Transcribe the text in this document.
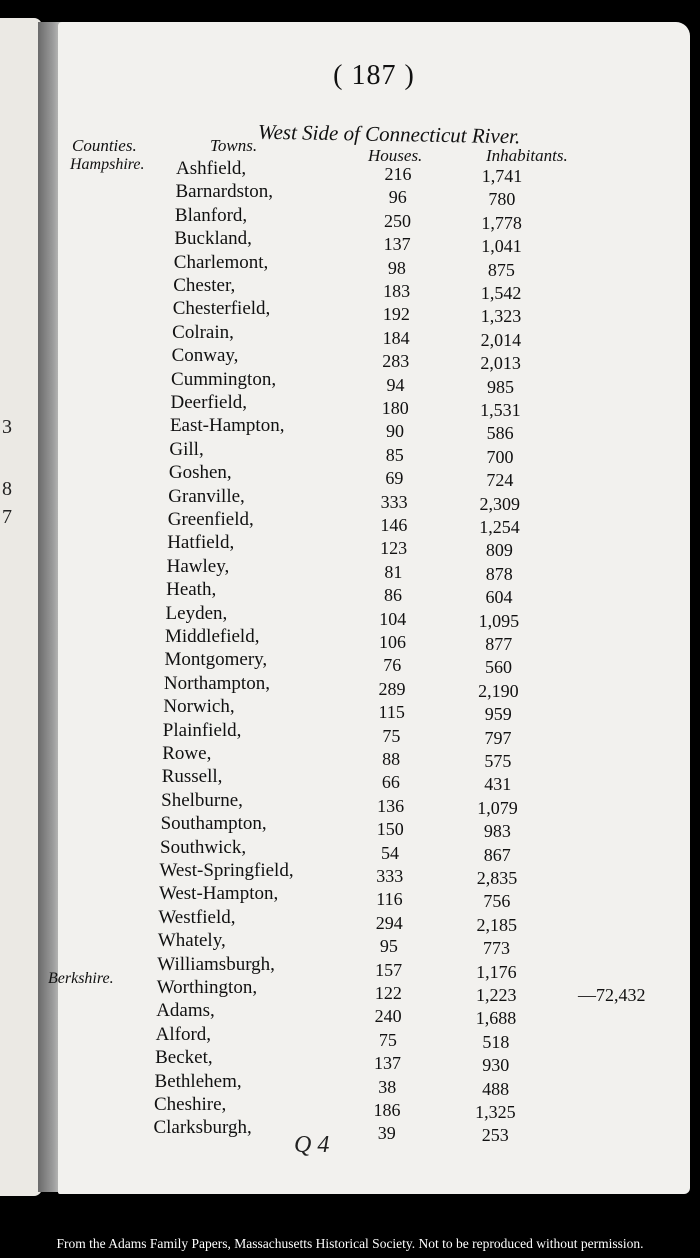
3
8
7
( 187 )
West Side of Connecticut River.
Counties.	Towns.
Houses.	Inhabitants.
Hampshire.
Berkshire.
Ashfield,	216	1,741
Barnardston,	96	780
Blanford,	250	1,778
Buckland,	137	1,041
Charlemont,	98	875
Chester,	183	1,542
Chesterfield,	192	1,323
Colrain,	184	2,014
Conway,	283	2,013
Cummington,	94	985
Deerfield,	180	1,531
East-Hampton,	90	586
Gill,	85	700
Goshen,	69	724
Granville,	333	2,309
Greenfield,	146	1,254
Hatfield,	123	809
Hawley,	81	878
Heath,	86	604
Leyden,	104	1,095
Middlefield,	106	877
Montgomery,	76	560
Northampton,	289	2,190
Norwich,	115	959
Plainfield,	75	797
Rowe,	88	575
Russell,	66	431
Shelburne,	136	1,079
Southampton,	150	983
Southwick,	54	867
West-Springfield,	333	2,835
West-Hampton,	116	756
Westfield,	294	2,185
Whately,	95	773
Williamsburgh,	157	1,176
Worthington,	122	1,223
Adams,	240	1,688
Alford,	75	518
Becket,	137	930
Bethlehem,	38	488
Cheshire,	186	1,325
Clarksburgh,	39	253
—72,432
Q 4
From the Adams Family Papers, Massachusetts Historical Society. Not to be reproduced without permission.
